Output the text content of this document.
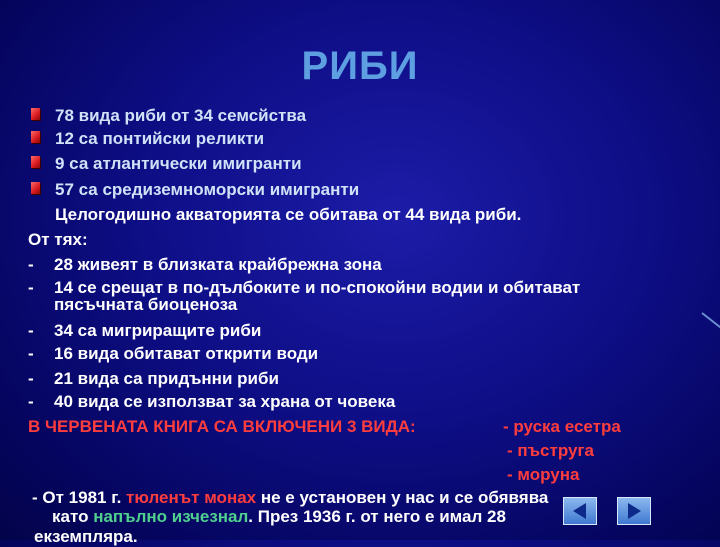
РИБИ
78 вида риби от 34 семсйства
12 са понтийски реликти
9 са атлантически имигранти
57 са средиземноморски имигранти
Целогодишно акваторията се обитава от 44 вида риби.
От тях:
- 28 живеят в близката крайбрежна зона
- 14 се срещат в по-дълбоките и по-спокойни водии и обитават
пясъчната биоценоза
- 34 са мигриращите риби
- 16 вида обитават открити води
- 21 вида са придънни риби
- 40 вида се използват за храна от човека
В ЧЕРВЕНАТА КНИГА СА ВКЛЮЧЕНИ 3 ВИДА:	- руска есетра
- пъструга
- моруна
- От 1981 г. тюленът монах не е установен у нас и се обявява
като напълно изчезнал. През 1936 г. от него е имал 28
екземпляра.
